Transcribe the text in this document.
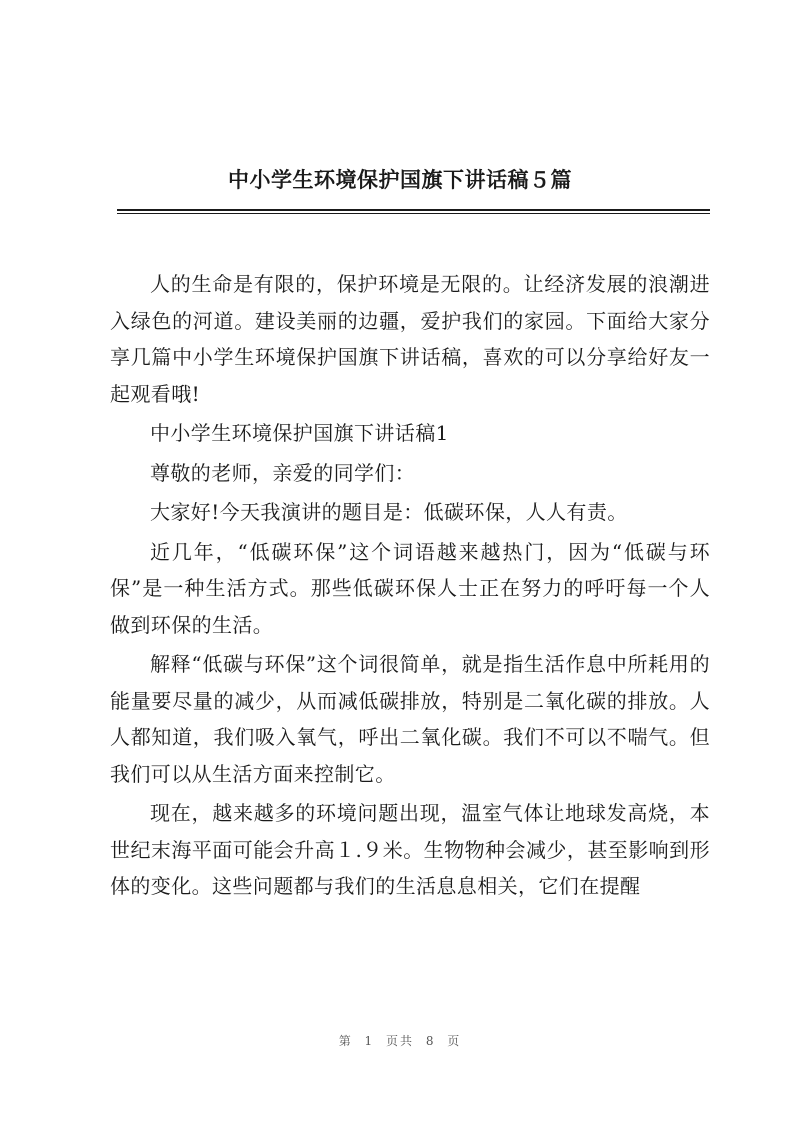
中小学生环境保护国旗下讲话稿５篇

人的生命是有限的，保护环境是无限的。让经济发展的浪潮进入绿色的河道。建设美丽的边疆，爱护我们的家园。下面给大家分享几篇中小学生环境保护国旗下讲话稿，喜欢的可以分享给好友一起观看哦!

中小学生环境保护国旗下讲话稿1

尊敬的老师，亲爱的同学们：

大家好!今天我演讲的题目是：低碳环保，人人有责。

近几年，“低碳环保”这个词语越来越热门，因为“低碳与环保”是一种生活方式。那些低碳环保人士正在努力的呼吁每一个人做到环保的生活。

解释“低碳与环保”这个词很简单，就是指生活作息中所耗用的能量要尽量的减少，从而减低碳排放，特别是二氧化碳的排放。人人都知道，我们吸入氧气，呼出二氧化碳。我们不可以不喘气。但我们可以从生活方面来控制它。

现在，越来越多的环境问题出现，温室气体让地球发高烧，本世纪末海平面可能会升高１.９米。生物物种会减少，甚至影响到形体的变化。这些问题都与我们的生活息息相关，它们在提醒

第 1 页共 8 页
